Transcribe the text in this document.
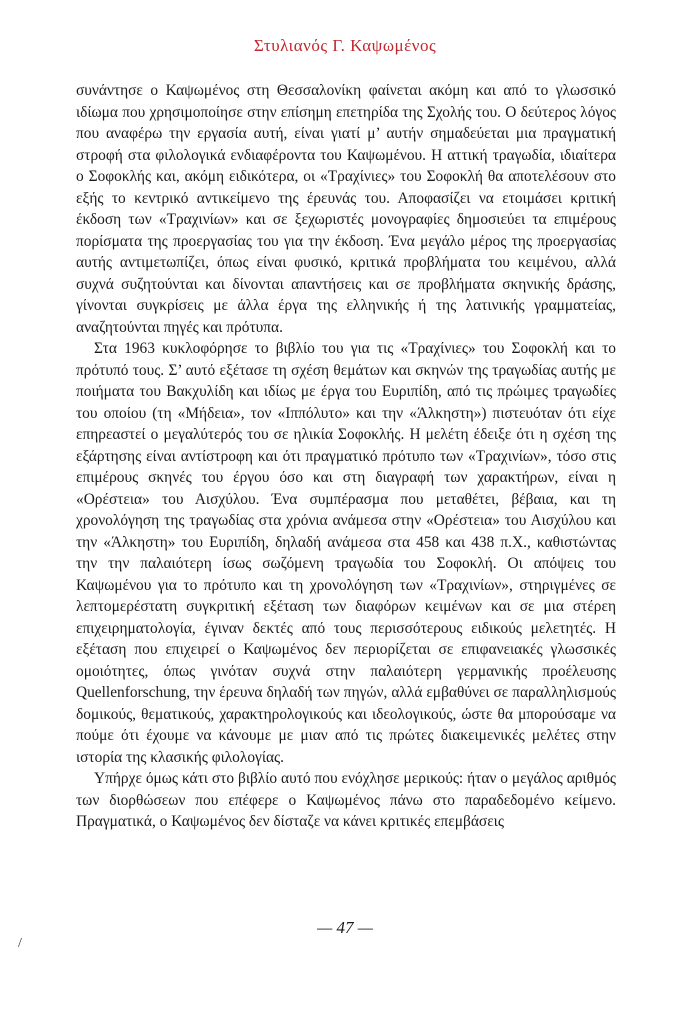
Στυλιανός Γ. Καψωμένος

συνάντησε ο Καψωμένος στη Θεσσαλονίκη φαίνεται ακόμη και από το γλωσσικό ιδίωμα που χρησιμοποίησε στην επίσημη επετηρίδα της Σχολής του. Ο δεύτερος λόγος που αναφέρω την εργασία αυτή, είναι γιατί μ’ αυτήν σημαδεύεται μια πραγματική στροφή στα φιλολογικά ενδιαφέροντα του Καψωμένου. Η αττική τραγωδία, ιδιαίτερα ο Σοφοκλής και, ακόμη ειδικότερα, οι «Τραχίνιες» του Σοφοκλή θα αποτελέσουν στο εξής το κεντρικό αντικείμενο της έρευνάς του. Αποφασίζει να ετοιμάσει κριτική έκδοση των «Τραχινίων» και σε ξεχωριστές μονογραφίες δημοσιεύει τα επιμέρους πορίσματα της προεργασίας του για την έκδοση. Ένα μεγάλο μέρος της προεργασίας αυτής αντιμετωπίζει, όπως είναι φυσικό, κριτικά προβλήματα του κειμένου, αλλά συχνά συζητούνται και δίνονται απαντήσεις και σε προβλήματα σκηνικής δράσης, γίνονται συγκρίσεις με άλλα έργα της ελληνικής ή της λατινικής γραμματείας, αναζητούνται πηγές και πρότυπα.

Στα 1963 κυκλοφόρησε το βιβλίο του για τις «Τραχίνιες» του Σοφοκλή και το πρότυπό τους. Σ’ αυτό εξέτασε τη σχέση θεμάτων και σκηνών της τραγωδίας αυτής με ποιήματα του Βακχυλίδη και ιδίως με έργα του Ευριπίδη, από τις πρώιμες τραγωδίες του οποίου (τη «Μήδεια», τον «Ιππόλυτο» και την «Άλκηστη») πιστευόταν ότι είχε επηρεαστεί ο μεγαλύτερός του σε ηλικία Σοφοκλής. Η μελέτη έδειξε ότι η σχέση της εξάρτησης είναι αντίστροφη και ότι πραγματικό πρότυπο των «Τραχινίων», τόσο στις επιμέρους σκηνές του έργου όσο και στη διαγραφή των χαρακτήρων, είναι η «Ορέστεια» του Αισχύλου. Ένα συμπέρασμα που μεταθέτει, βέβαια, και τη χρονολόγηση της τραγωδίας στα χρόνια ανάμεσα στην «Ορέστεια» του Αισχύλου και την «Άλκηστη» του Ευριπίδη, δηλαδή ανάμεσα στα 458 και 438 π.Χ., καθιστώντας την την παλαιότερη ίσως σωζόμενη τραγωδία του Σοφοκλή. Οι απόψεις του Καψωμένου για το πρότυπο και τη χρονολόγηση των «Τραχινίων», στηριγμένες σε λεπτομερέστατη συγκριτική εξέταση των διαφόρων κειμένων και σε μια στέρεη επιχειρηματολογία, έγιναν δεκτές από τους περισσότερους ειδικούς μελετητές. Η εξέταση που επιχειρεί ο Καψωμένος δεν περιορίζεται σε επιφανειακές γλωσσικές ομοιότητες, όπως γινόταν συχνά στην παλαιότερη γερμανικής προέλευσης Quellenforschung, την έρευνα δηλαδή των πηγών, αλλά εμβαθύνει σε παραλληλισμούς δομικούς, θεματικούς, χαρακτηρολογικούς και ιδεολογικούς, ώστε θα μπορούσαμε να πούμε ότι έχουμε να κάνουμε με μιαν από τις πρώτες διακειμενικές μελέτες στην ιστορία της κλασικής φιλολογίας.

Υπήρχε όμως κάτι στο βιβλίο αυτό που ενόχλησε μερικούς: ήταν ο μεγάλος αριθμός των διορθώσεων που επέφερε ο Καψωμένος πάνω στο παραδεδομένο κείμενο. Πραγματικά, ο Καψωμένος δεν δίσταζε να κάνει κριτικές επεμβάσεις

— 47 —
/
